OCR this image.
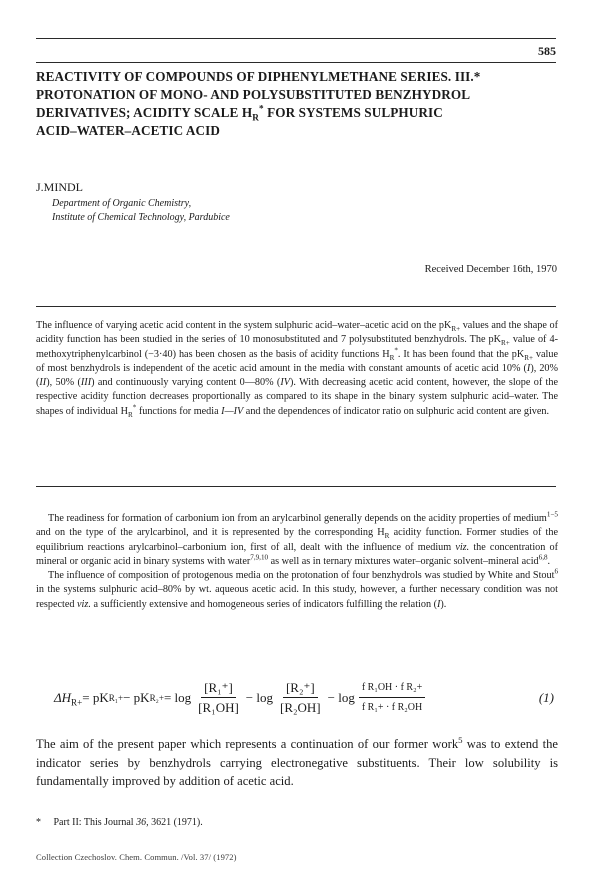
585
REACTIVITY OF COMPOUNDS OF DIPHENYLMETHANE SERIES. III.*
PROTONATION OF MONO- AND POLYSUBSTITUTED BENZHYDROL
DERIVATIVES; ACIDITY SCALE $H_R^*$ FOR SYSTEMS SULPHURIC
ACID–WATER–ACETIC ACID
J.MINDL
Department of Organic Chemistry,
Institute of Chemical Technology, Pardubice
Received December 16th, 1970
The influence of varying acetic acid content in the system sulphuric acid–water–acetic acid on the $pK_{R+}$ values and the shape of acidity function has been studied in the series of 10 monosubstituted and 7 polysubstituted benzhydrols. The $pK_{R+}$ value of 4-methoxytriphenylcarbinol (−3·40) has been chosen as the basis of acidity functions $H_R^*$. It has been found that the $pK_{R+}$ value of most benzhydrols is independent of the acetic acid amount in the media with constant amounts of acetic acid 10% (I), 20% (II), 50% (III) and continuously varying content 0—80% (IV). With decreasing acetic acid content, however, the slope of the respective acidity function decreases proportionally as compared to its shape in the binary system sulphuric acid–water. The shapes of individual $H_R^*$ functions for media I—IV and the dependences of indicator ratio on sulphuric acid content are given.

The readiness for formation of carbonium ion from an arylcarbinol generally depends on the acidity properties of medium$^{1-5}$ and on the type of the arylcarbinol, and it is represented by the corresponding $H_R$ acidity function. Former studies of the equilibrium reactions arylcarbinol–carbonium ion, first of all, dealt with the influence of medium viz. the concentration of mineral or organic acid in binary systems with water$^{7,9,10}$ as well as in ternary mixtures water–organic solvent–mineral acid$^{6,8}$.

The influence of composition of protogenous media on the protonation of four benzhydrols was studied by White and Stout$^6$ in the systems sulphuric acid–80% by wt. aqueous acetic acid. In this study, however, a further necessary condition was not respected viz. a sufficiently extensive and homogeneous series of indicators fulfilling the relation (I).

$\Delta H_{R+}$ = pK R₁+ − pK $R_2+ = \log \frac{\text{[R₁⁺]}}{\text{[R₁OH]}} - \log \frac{\text{[R₂⁺]}}{\text{[R₂OH]}} - \log \frac{\text{f R₁OH · f R₂+}}{\text{f R₁+ · f R₂OH}}$	(1)
The aim of the present paper which represents a continuation of our former work$^5$ was to extend the indicator series by benzhydrols carrying electronegative substituents. Their low solubility is fundamentally improved by addition of acetic acid.
* Part II: This Journal 36, 3621 (1971).
Collection Czechoslov. Chem. Commun. /Vol. 37/ (1972)
